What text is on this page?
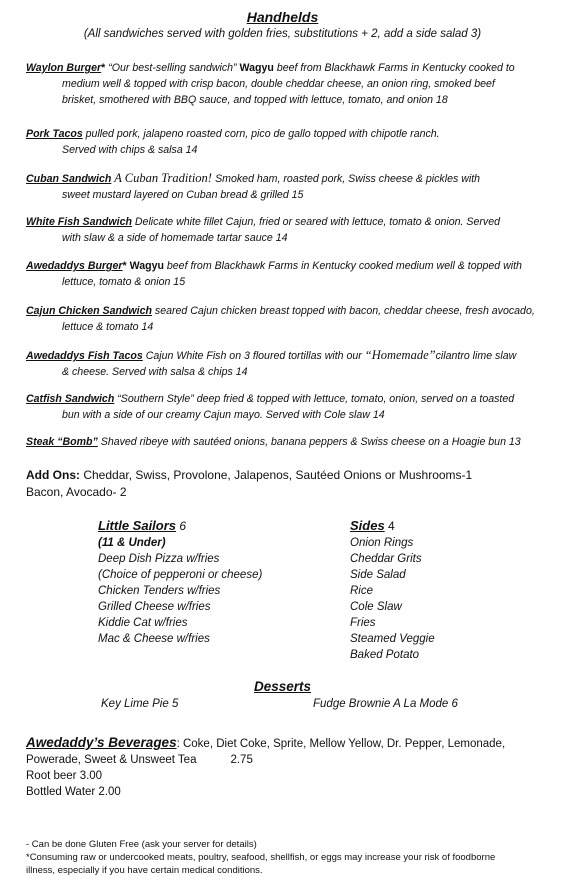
Handhelds
(All sandwiches served with golden fries, substitutions + 2, add a side salad 3)
Waylon Burger* “Our best-selling sandwich” Wagyu beef from Blackhawk Farms in Kentucky cooked to
medium well & topped with crisp bacon, double cheddar cheese, an onion ring, smoked beef
brisket, smothered with BBQ sauce, and topped with lettuce, tomato, and onion 18
Pork Tacos pulled pork, jalapeno roasted corn, pico de gallo topped with chipotle ranch.
Served with chips & salsa 14
Cuban Sandwich A Cuban Tradition! Smoked ham, roasted pork, Swiss cheese & pickles with
sweet mustard layered on Cuban bread & grilled 15
White Fish Sandwich Delicate white fillet Cajun, fried or seared with lettuce, tomato & onion. Served
with slaw & a side of homemade tartar sauce 14
Awedaddys Burger* Wagyu beef from Blackhawk Farms in Kentucky cooked medium well & topped with
lettuce, tomato & onion 15
Cajun Chicken Sandwich seared Cajun chicken breast topped with bacon, cheddar cheese, fresh avocado,
lettuce & tomato 14
Awedaddys Fish Tacos Cajun White Fish on 3 floured tortillas with our “Homemade”cilantro lime slaw
& cheese. Served with salsa & chips 14
Catfish Sandwich “Southern Style” deep fried & topped with lettuce, tomato, onion, served on a toasted
bun with a side of our creamy Cajun mayo. Served with Cole slaw 14
Steak “Bomb” Shaved ribeye with sautéed onions, banana peppers & Swiss cheese on a Hoagie bun 13
Add Ons: Cheddar, Swiss, Provolone, Jalapenos, Sautéed Onions or Mushrooms-1
Bacon, Avocado- 2
Little Sailors 6
(11 & Under)
Deep Dish Pizza w/fries
(Choice of pepperoni or cheese)
Chicken Tenders w/fries
Grilled Cheese w/fries
Kiddie Cat w/fries
Mac & Cheese w/fries
Sides 4
Onion Rings
Cheddar Grits
Side Salad
Rice
Cole Slaw
Fries
Steamed Veggie
Baked Potato
Desserts
Key Lime Pie 5	Fudge Brownie A La Mode 6
Awedaddy’s Beverages: Coke, Diet Coke, Sprite, Mellow Yellow, Dr. Pepper, Lemonade,
Powerade, Sweet & Unsweet Tea	2.75
Root beer 3.00
Bottled Water 2.00
- Can be done Gluten Free (ask your server for details)
*Consuming raw or undercooked meats, poultry, seafood, shellfish, or eggs may increase your risk of foodborne
illness, especially if you have certain medical conditions.
